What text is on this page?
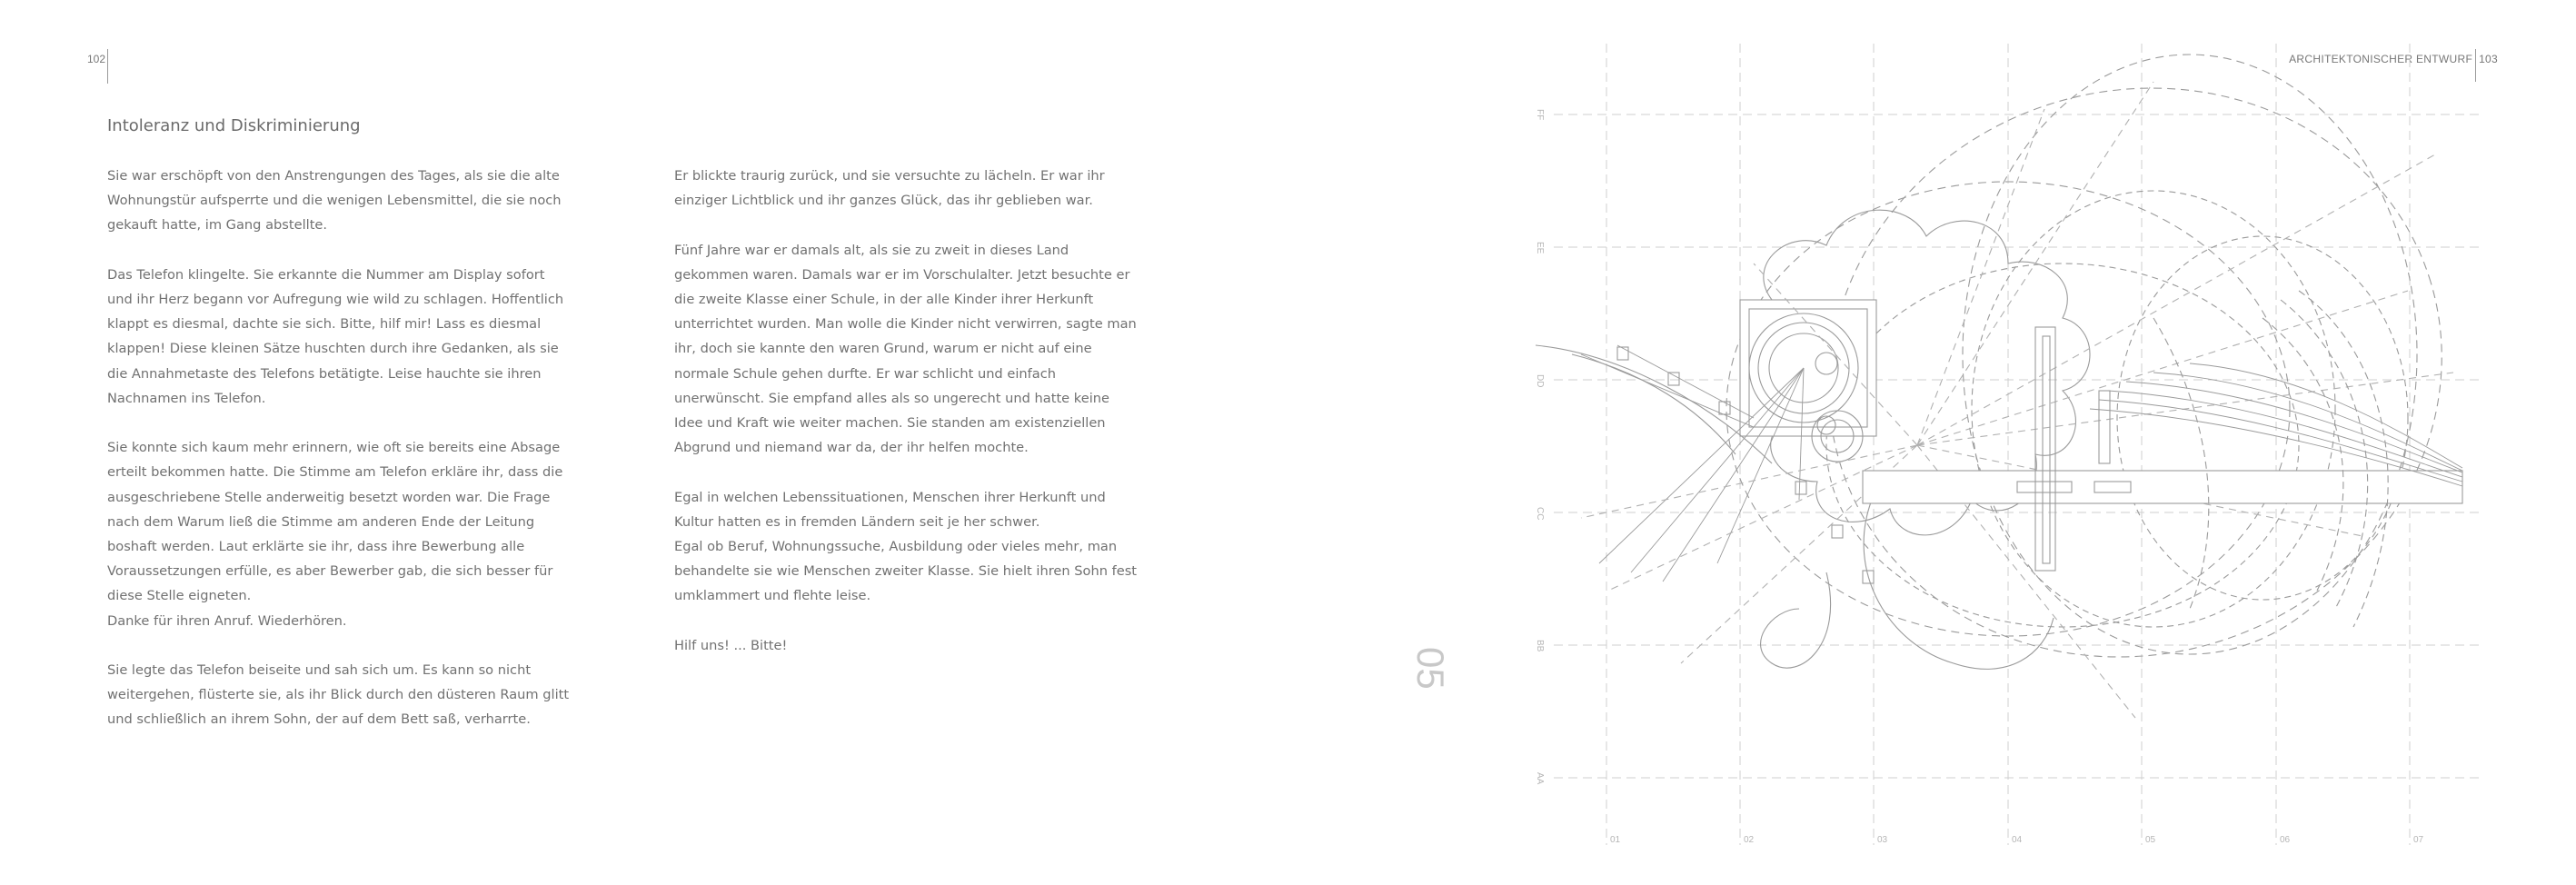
102
Intoleranz und Diskriminierung

Sie war erschöpft von den Anstrengungen des Tages, als sie die alte Wohnungstür aufsperrte und die wenigen Lebensmittel, die sie noch gekauft hatte, im Gang abstellte.

Das Telefon klingelte. Sie erkannte die Nummer am Display sofort und ihr Herz begann vor Aufregung wie wild zu schlagen. Hoffentlich klappt es diesmal, dachte sie sich. Bitte, hilf mir! Lass es diesmal klappen! Diese kleinen Sätze huschten durch ihre Gedanken, als sie die Annahmetaste des Telefons betätigte. Leise hauchte sie ihren Nachnamen ins Telefon.

Sie konnte sich kaum mehr erinnern, wie oft sie bereits eine Absage erteilt bekommen hatte. Die Stimme am Telefon erkläre ihr, dass die ausgeschriebene Stelle anderweitig besetzt worden war. Die Frage nach dem Warum ließ die Stimme am anderen Ende der Leitung boshaft werden. Laut erklärte sie ihr, dass ihre Bewerbung alle Voraussetzungen erfülle, es aber Bewerber gab, die sich besser für diese Stelle eigneten.
Danke für ihren Anruf. Wiederhören.

Sie legte das Telefon beiseite und sah sich um. Es kann so nicht weitergehen, flüsterte sie, als ihr Blick durch den düsteren Raum glitt und schließlich an ihrem Sohn, der auf dem Bett saß, verharrte.

Er blickte traurig zurück, und sie versuchte zu lächeln. Er war ihr einziger Lichtblick und ihr ganzes Glück, das ihr geblieben war.

Fünf Jahre war er damals alt, als sie zu zweit in dieses Land gekommen waren. Damals war er im Vorschulalter. Jetzt besuchte er die zweite Klasse einer Schule, in der alle Kinder ihrer Herkunft unterrichtet wurden. Man wolle die Kinder nicht verwirren, sagte man ihr, doch sie kannte den waren Grund, warum er nicht auf eine normale Schule gehen durfte. Er war schlicht und einfach unerwünscht. Sie empfand alles als so ungerecht und hatte keine Idee und Kraft wie weiter machen. Sie standen am existenziellen Abgrund und niemand war da, der ihr helfen mochte.

Egal in welchen Lebenssituationen, Menschen ihrer Herkunft und Kultur hatten es in fremden Ländern seit je her schwer.
Egal ob Beruf, Wohnungssuche, Ausbildung oder vieles mehr, man behandelte sie wie Menschen zweiter Klasse. Sie hielt ihren Sohn fest umklammert und flehte leise.

Hilf uns! ... Bitte!

ARCHITEKTONISCHER ENTWURF 103
05
01	02	03	04	05	06	07
FF
EE
DD
CC
BB
AA
